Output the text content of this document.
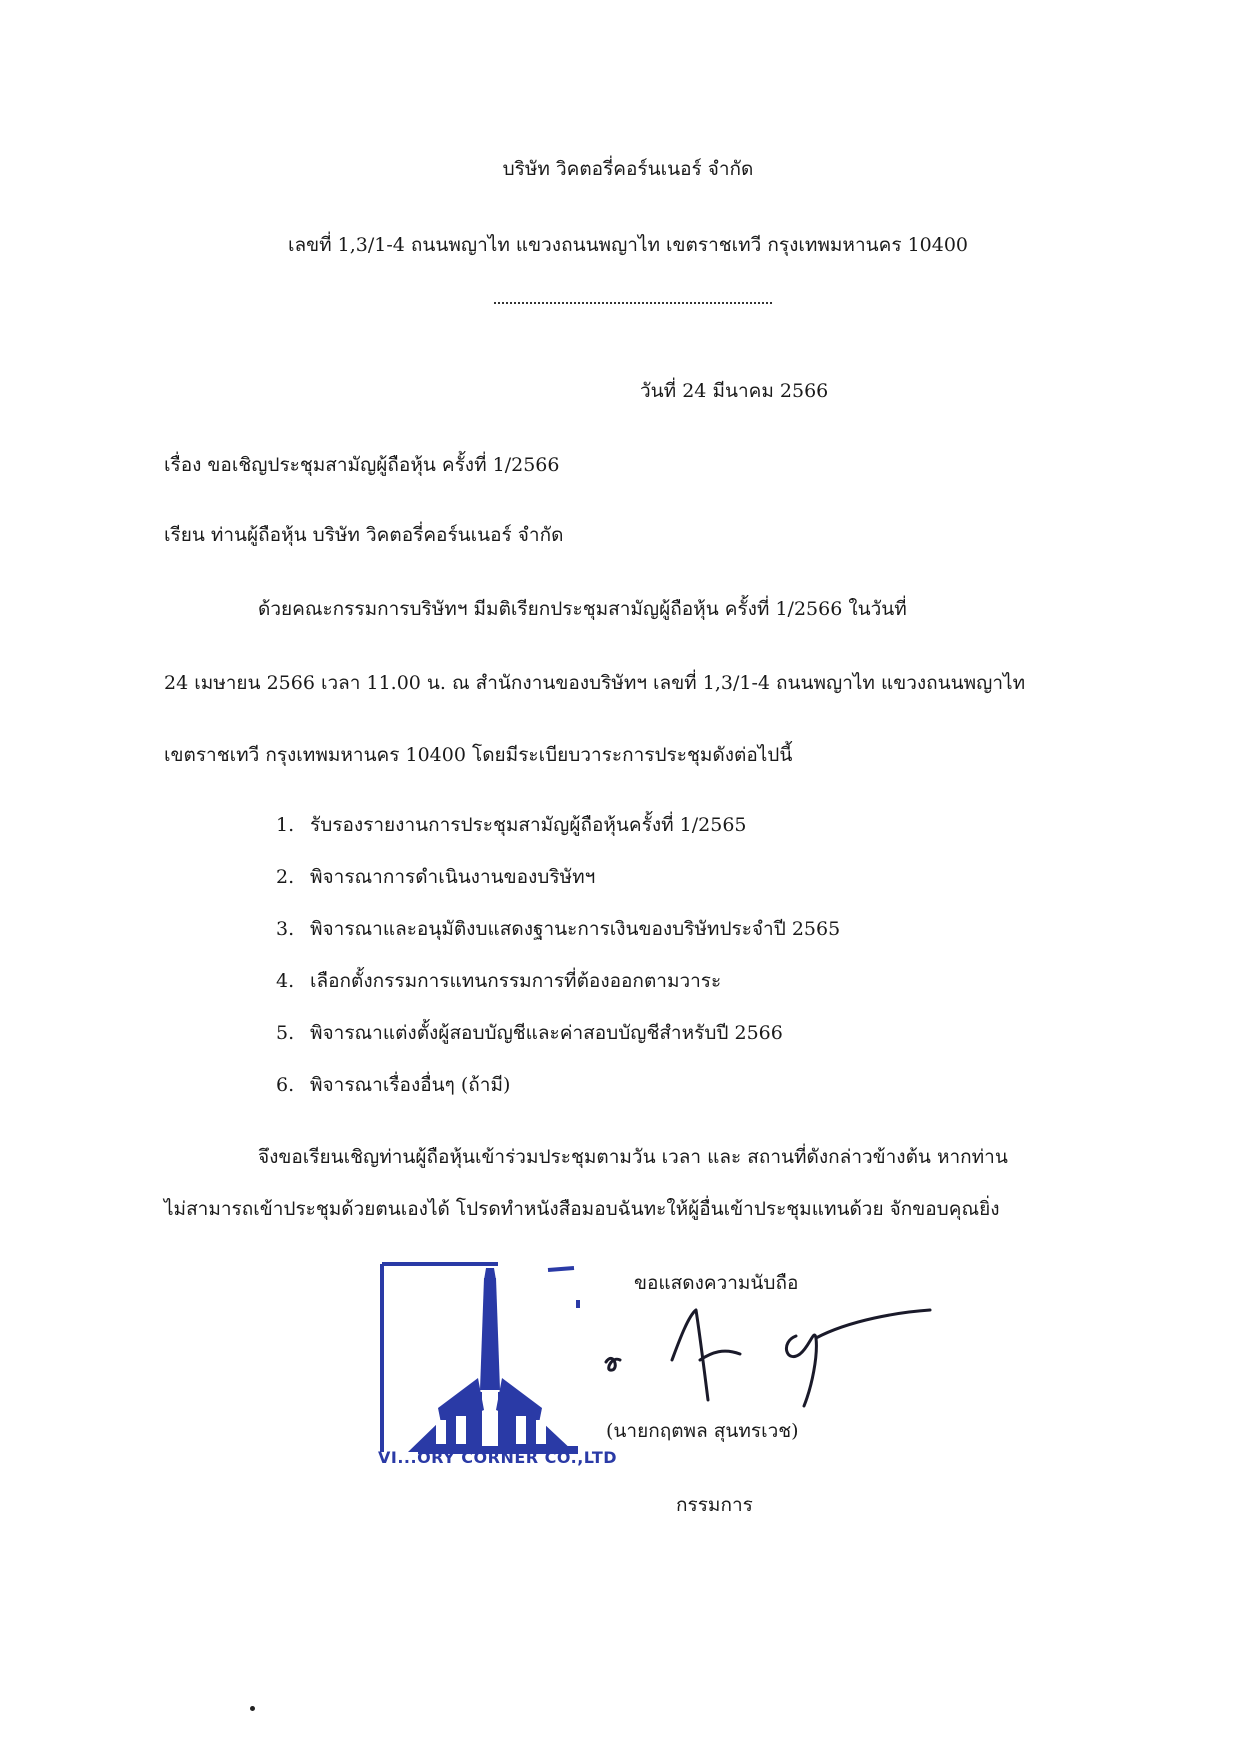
บริษัท วิคตอรี่คอร์นเนอร์ จำกัด
เลขที่ 1,3/1-4 ถนนพญาไท แขวงถนนพญาไท เขตราชเทวี กรุงเทพมหานคร 10400
วันที่ 24 มีนาคม 2566
เรื่อง ขอเชิญประชุมสามัญผู้ถือหุ้น ครั้งที่ 1/2566
เรียน ท่านผู้ถือหุ้น บริษัท วิคตอรี่คอร์นเนอร์ จำกัด
ด้วยคณะกรรมการบริษัทฯ มีมติเรียกประชุมสามัญผู้ถือหุ้น ครั้งที่ 1/2566 ในวันที่
24 เมษายน 2566 เวลา 11.00 น. ณ สำนักงานของบริษัทฯ เลขที่ 1,3/1-4 ถนนพญาไท แขวงถนนพญาไท
เขตราชเทวี กรุงเทพมหานคร 10400 โดยมีระเบียบวาระการประชุมดังต่อไปนี้
1. รับรองรายงานการประชุมสามัญผู้ถือหุ้นครั้งที่ 1/2565
2. พิจารณาการดำเนินงานของบริษัทฯ
3. พิจารณาและอนุมัติงบแสดงฐานะการเงินของบริษัทประจำปี 2565
4. เลือกตั้งกรรมการแทนกรรมการที่ต้องออกตามวาระ
5. พิจารณาแต่งตั้งผู้สอบบัญชีและค่าสอบบัญชีสำหรับปี 2566
6. พิจารณาเรื่องอื่นๆ (ถ้ามี)
จึงขอเรียนเชิญท่านผู้ถือหุ้นเข้าร่วมประชุมตามวัน เวลา และ สถานที่ดังกล่าวข้างต้น หากท่าน
ไม่สามารถเข้าประชุมด้วยตนเองได้ โปรดทำหนังสือมอบฉันทะให้ผู้อื่นเข้าประชุมแทนด้วย จักขอบคุณยิ่ง
VI...ORY CORNER CO.,LTD
ขอแสดงความนับถือ
(นายกฤตพล สุนทรเวช)
กรรมการ
